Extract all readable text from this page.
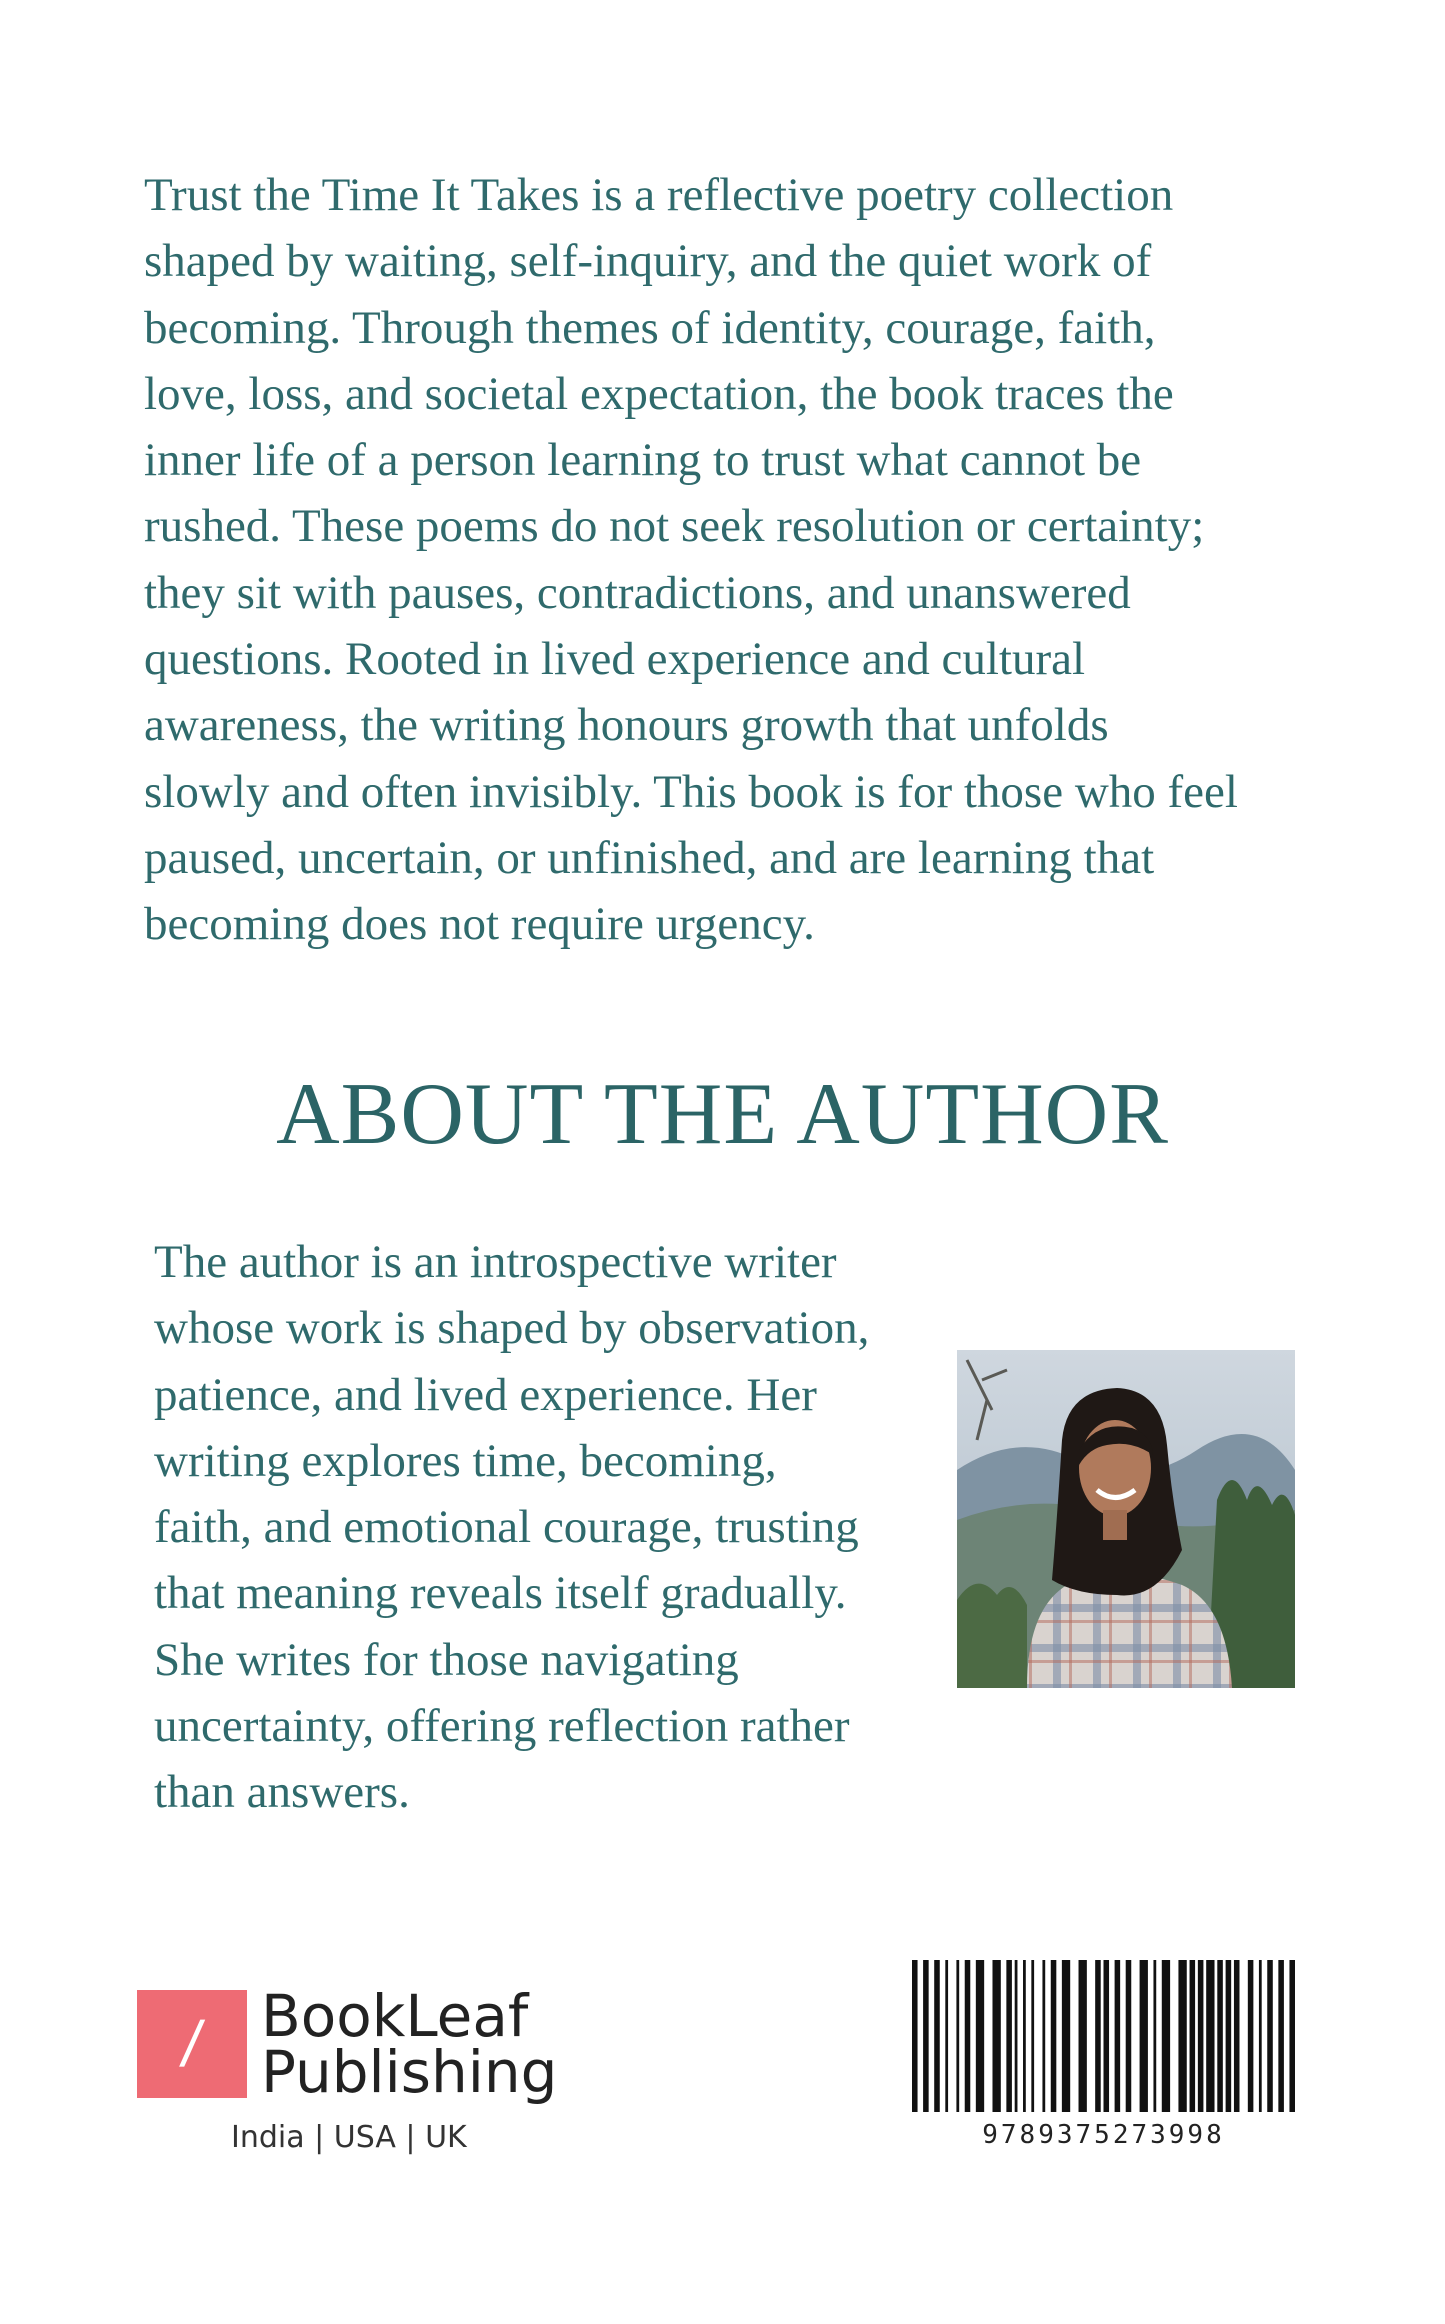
Trust the Time It Takes is a reflective poetry collection
shaped by waiting, self-inquiry, and the quiet work of
becoming. Through themes of identity, courage, faith,
love, loss, and societal expectation, the book traces the
inner life of a person learning to trust what cannot be
rushed. These poems do not seek resolution or certainty;
they sit with pauses, contradictions, and unanswered
questions. Rooted in lived experience and cultural
awareness, the writing honours growth that unfolds
slowly and often invisibly. This book is for those who feel
paused, uncertain, or unfinished, and are learning that
becoming does not require urgency.

ABOUT THE AUTHOR

The author is an introspective writer
whose work is shaped by observation,
patience, and lived experience. Her
writing explores time, becoming,
faith, and emotional courage, trusting
that meaning reveals itself gradually.
She writes for those navigating
uncertainty, offering reflection rather
than answers.

/ BookLeaf
Publishing
India | USA | UK	9789375273998
